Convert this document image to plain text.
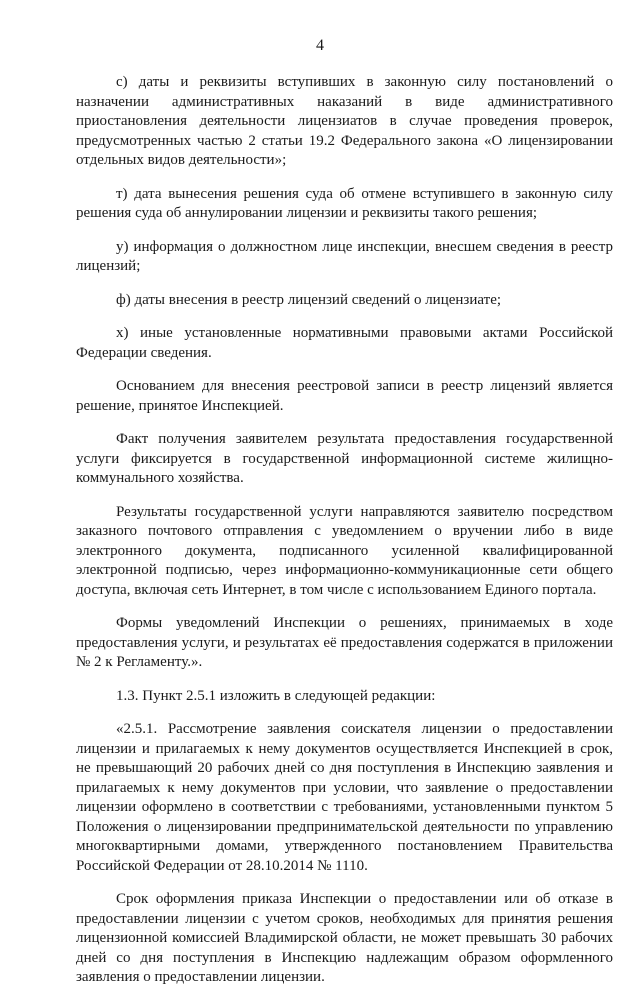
4

с) даты и реквизиты вступивших в законную силу постановлений о назначении административных наказаний в виде административного приостановления деятельности лицензиатов в случае проведения проверок, предусмотренных частью 2 статьи 19.2 Федерального закона «О лицензировании отдельных видов деятельности»;

т) дата вынесения решения суда об отмене вступившего в законную силу решения суда об аннулировании лицензии и реквизиты такого решения;

у) информация о должностном лице инспекции, внесшем сведения в реестр лицензий;

ф) даты внесения в реестр лицензий сведений о лицензиате;

х) иные установленные нормативными правовыми актами Российской Федерации сведения.

Основанием для внесения реестровой записи в реестр лицензий является решение, принятое Инспекцией.

Факт получения заявителем результата предоставления государственной услуги фиксируется в государственной информационной системе жилищно-коммунального хозяйства.

Результаты государственной услуги направляются заявителю посредством заказного почтового отправления с уведомлением о вручении либо в виде электронного документа, подписанного усиленной квалифицированной электронной подписью, через информационно-коммуникационные сети общего доступа, включая сеть Интернет, в том числе с использованием Единого портала.

Формы уведомлений Инспекции о решениях, принимаемых в ходе предоставления услуги, и результатах её предоставления содержатся в приложении № 2 к Регламенту.».

1.3. Пункт 2.5.1 изложить в следующей редакции:

«2.5.1. Рассмотрение заявления соискателя лицензии о предоставлении лицензии и прилагаемых к нему документов осуществляется Инспекцией в срок, не превышающий 20 рабочих дней со дня поступления в Инспекцию заявления и прилагаемых к нему документов при условии, что заявление о предоставлении лицензии оформлено в соответствии с требованиями, установленными пунктом 5 Положения о лицензировании предпринимательской деятельности по управлению многоквартирными домами, утвержденного постановлением Правительства Российской Федерации от 28.10.2014 № 1110.

Срок оформления приказа Инспекции о предоставлении или об отказе в предоставлении лицензии с учетом сроков, необходимых для принятия решения лицензионной комиссией Владимирской области, не может превышать 30 рабочих дней со дня поступления в Инспекцию надлежащим образом оформленного заявления о предоставлении лицензии.
